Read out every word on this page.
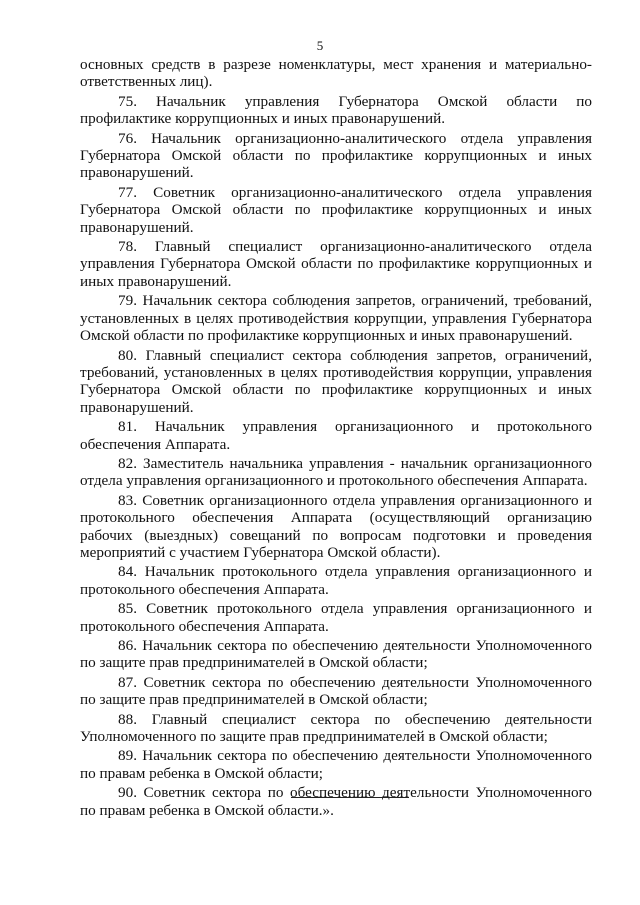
5

основных средств в разрезе номенклатуры, мест хранения и материально-ответственных лиц).

75. Начальник управления Губернатора Омской области по профилактике коррупционных и иных правонарушений.

76. Начальник организационно-аналитического отдела управления Губернатора Омской области по профилактике коррупционных и иных правонарушений.

77. Советник организационно-аналитического отдела управления Губернатора Омской области по профилактике коррупционных и иных правонарушений.

78. Главный специалист организационно-аналитического отдела управления Губернатора Омской области по профилактике коррупционных и иных правонарушений.

79. Начальник сектора соблюдения запретов, ограничений, требований, установленных в целях противодействия коррупции, управления Губернатора Омской области по профилактике коррупционных и иных правонарушений.

80. Главный специалист сектора соблюдения запретов, ограничений, требований, установленных в целях противодействия коррупции, управления Губернатора Омской области по профилактике коррупционных и иных правонарушений.

81. Начальник управления организационного и протокольного обеспечения Аппарата.

82. Заместитель начальника управления - начальник организационного отдела управления организационного и протокольного обеспечения Аппарата.

83. Советник организационного отдела управления организационного и протокольного обеспечения Аппарата (осуществляющий организацию рабочих (выездных) совещаний по вопросам подготовки и проведения мероприятий с участием Губернатора Омской области).

84. Начальник протокольного отдела управления организационного и протокольного обеспечения Аппарата.

85. Советник протокольного отдела управления организационного и протокольного обеспечения Аппарата.

86. Начальник сектора по обеспечению деятельности Уполномоченного по защите прав предпринимателей в Омской области;

87. Советник сектора по обеспечению деятельности Уполномоченного по защите прав предпринимателей в Омской области;

88. Главный специалист сектора по обеспечению деятельности Уполномоченного по защите прав предпринимателей в Омской области;

89. Начальник сектора по обеспечению деятельности Уполномоченного по правам ребенка в Омской области;

90. Советник сектора по обеспечению деятельности Уполномоченного по правам ребенка в Омской области.».
